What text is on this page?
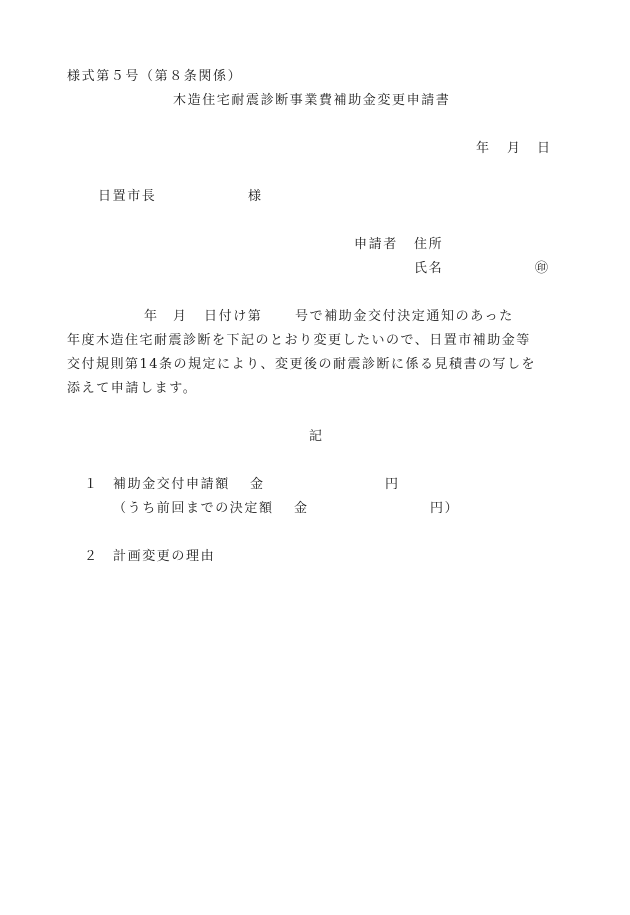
様式第５号（第８条関係）
木造住宅耐震診断事業費補助金変更申請書
年 月 日
日置市長	様
申請者 住所
氏名	㊞
年 月 日付け第	号で補助金交付決定通知のあった
年度木造住宅耐震診断を下記のとおり変更したいので、日置市補助金等
交付規則第14条の規定により、変更後の耐震診断に係る見積書の写しを
添えて申請します。
記
１ 補助金交付申請額 金	円
（うち前回までの決定額 金	円）
２ 計画変更の理由
